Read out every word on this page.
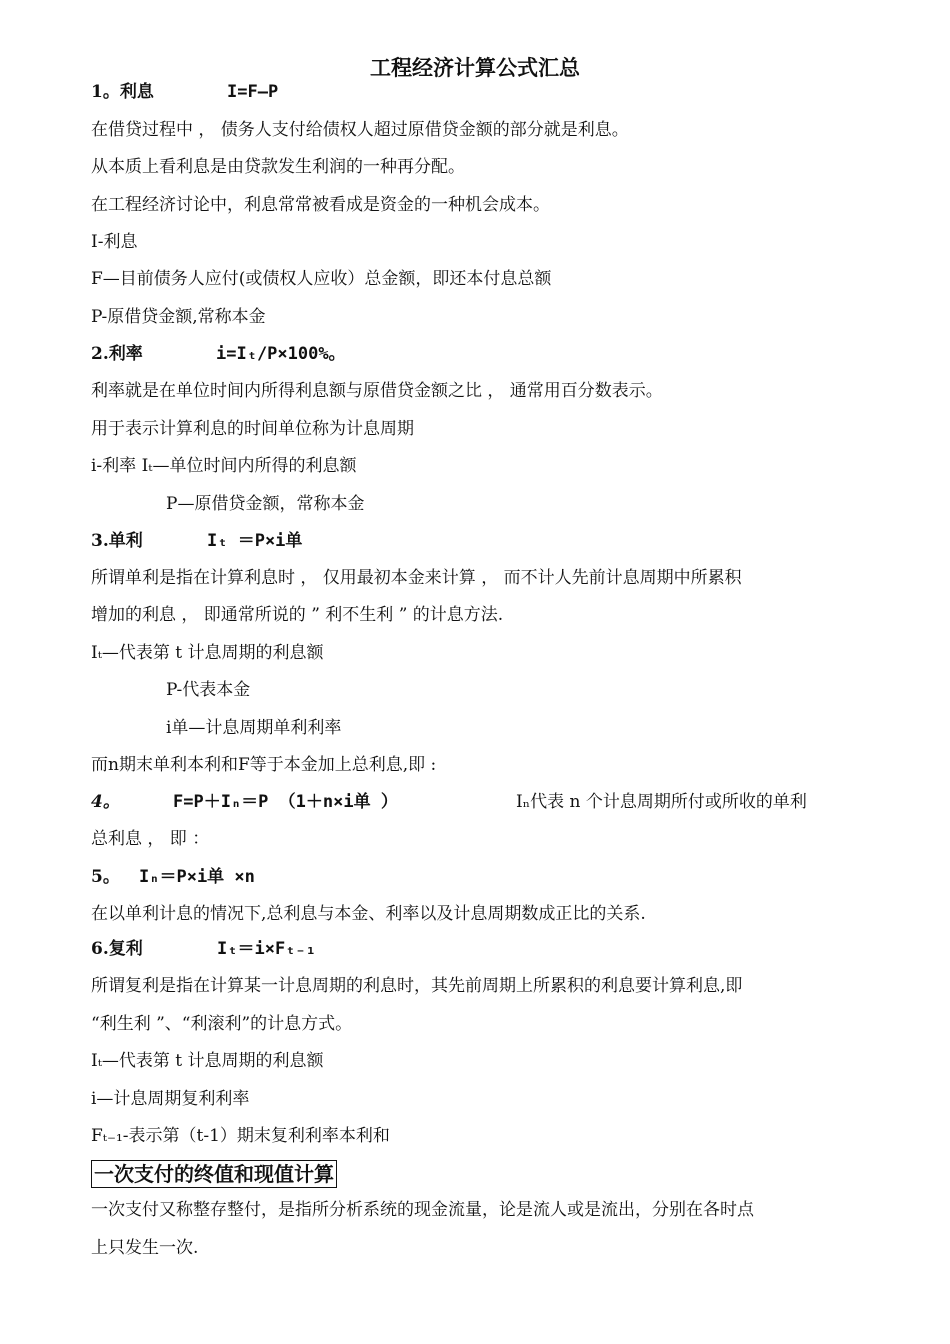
工程经济计算公式汇总
1。利息	I=F—P
在借贷过程中 ， 债务人支付给债权人超过原借贷金额的部分就是利息。
从本质上看利息是由贷款发生利润的一种再分配。
在工程经济讨论中，利息常常被看成是资金的一种机会成本。
I-利息
F—目前债务人应付(或债权人应收）总金额，即还本付息总额
P-原借贷金额,常称本金
2.利率	i=Iₜ/P×100%。
利率就是在单位时间内所得利息额与原借贷金额之比 ， 通常用百分数表示。
用于表示计算利息的时间单位称为计息周期
i-利率 Iₜ—单位时间内所得的利息额
P—原借贷金额，常称本金
3.单利	Iₜ ＝P×i单
所谓单利是指在计算利息时 ， 仅用最初本金来计算 ， 而不计人先前计息周期中所累积
增加的利息 ， 即通常所说的 ” 利不生利 ” 的计息方法.
Iₜ—代表第 t 计息周期的利息额
P-代表本金
i单—计息周期单利利率
而n期末单利本利和F等于本金加上总利息,即 :
4。	F=P＋Iₙ＝P （1＋n×i单 ）	Iₙ代表 n 个计息周期所付或所收的单利
总利息 ， 即 ：
5。 Iₙ＝P×i单 ×n
在以单利计息的情况下,总利息与本金、利率以及计息周期数成正比的关系.
6.复利	Iₜ＝i×Fₜ₋₁
所谓复利是指在计算某一计息周期的利息时，其先前周期上所累积的利息要计算利息,即
“利生利 ”、“利滚利”的计息方式。
Iₜ—代表第 t 计息周期的利息额
i—计息周期复利利率
Fₜ₋₁-表示第（t-1）期末复利利率本利和
一次支付的终值和现值计算
一次支付又称整存整付，是指所分析系统的现金流量，论是流人或是流出，分别在各时点
上只发生一次.
